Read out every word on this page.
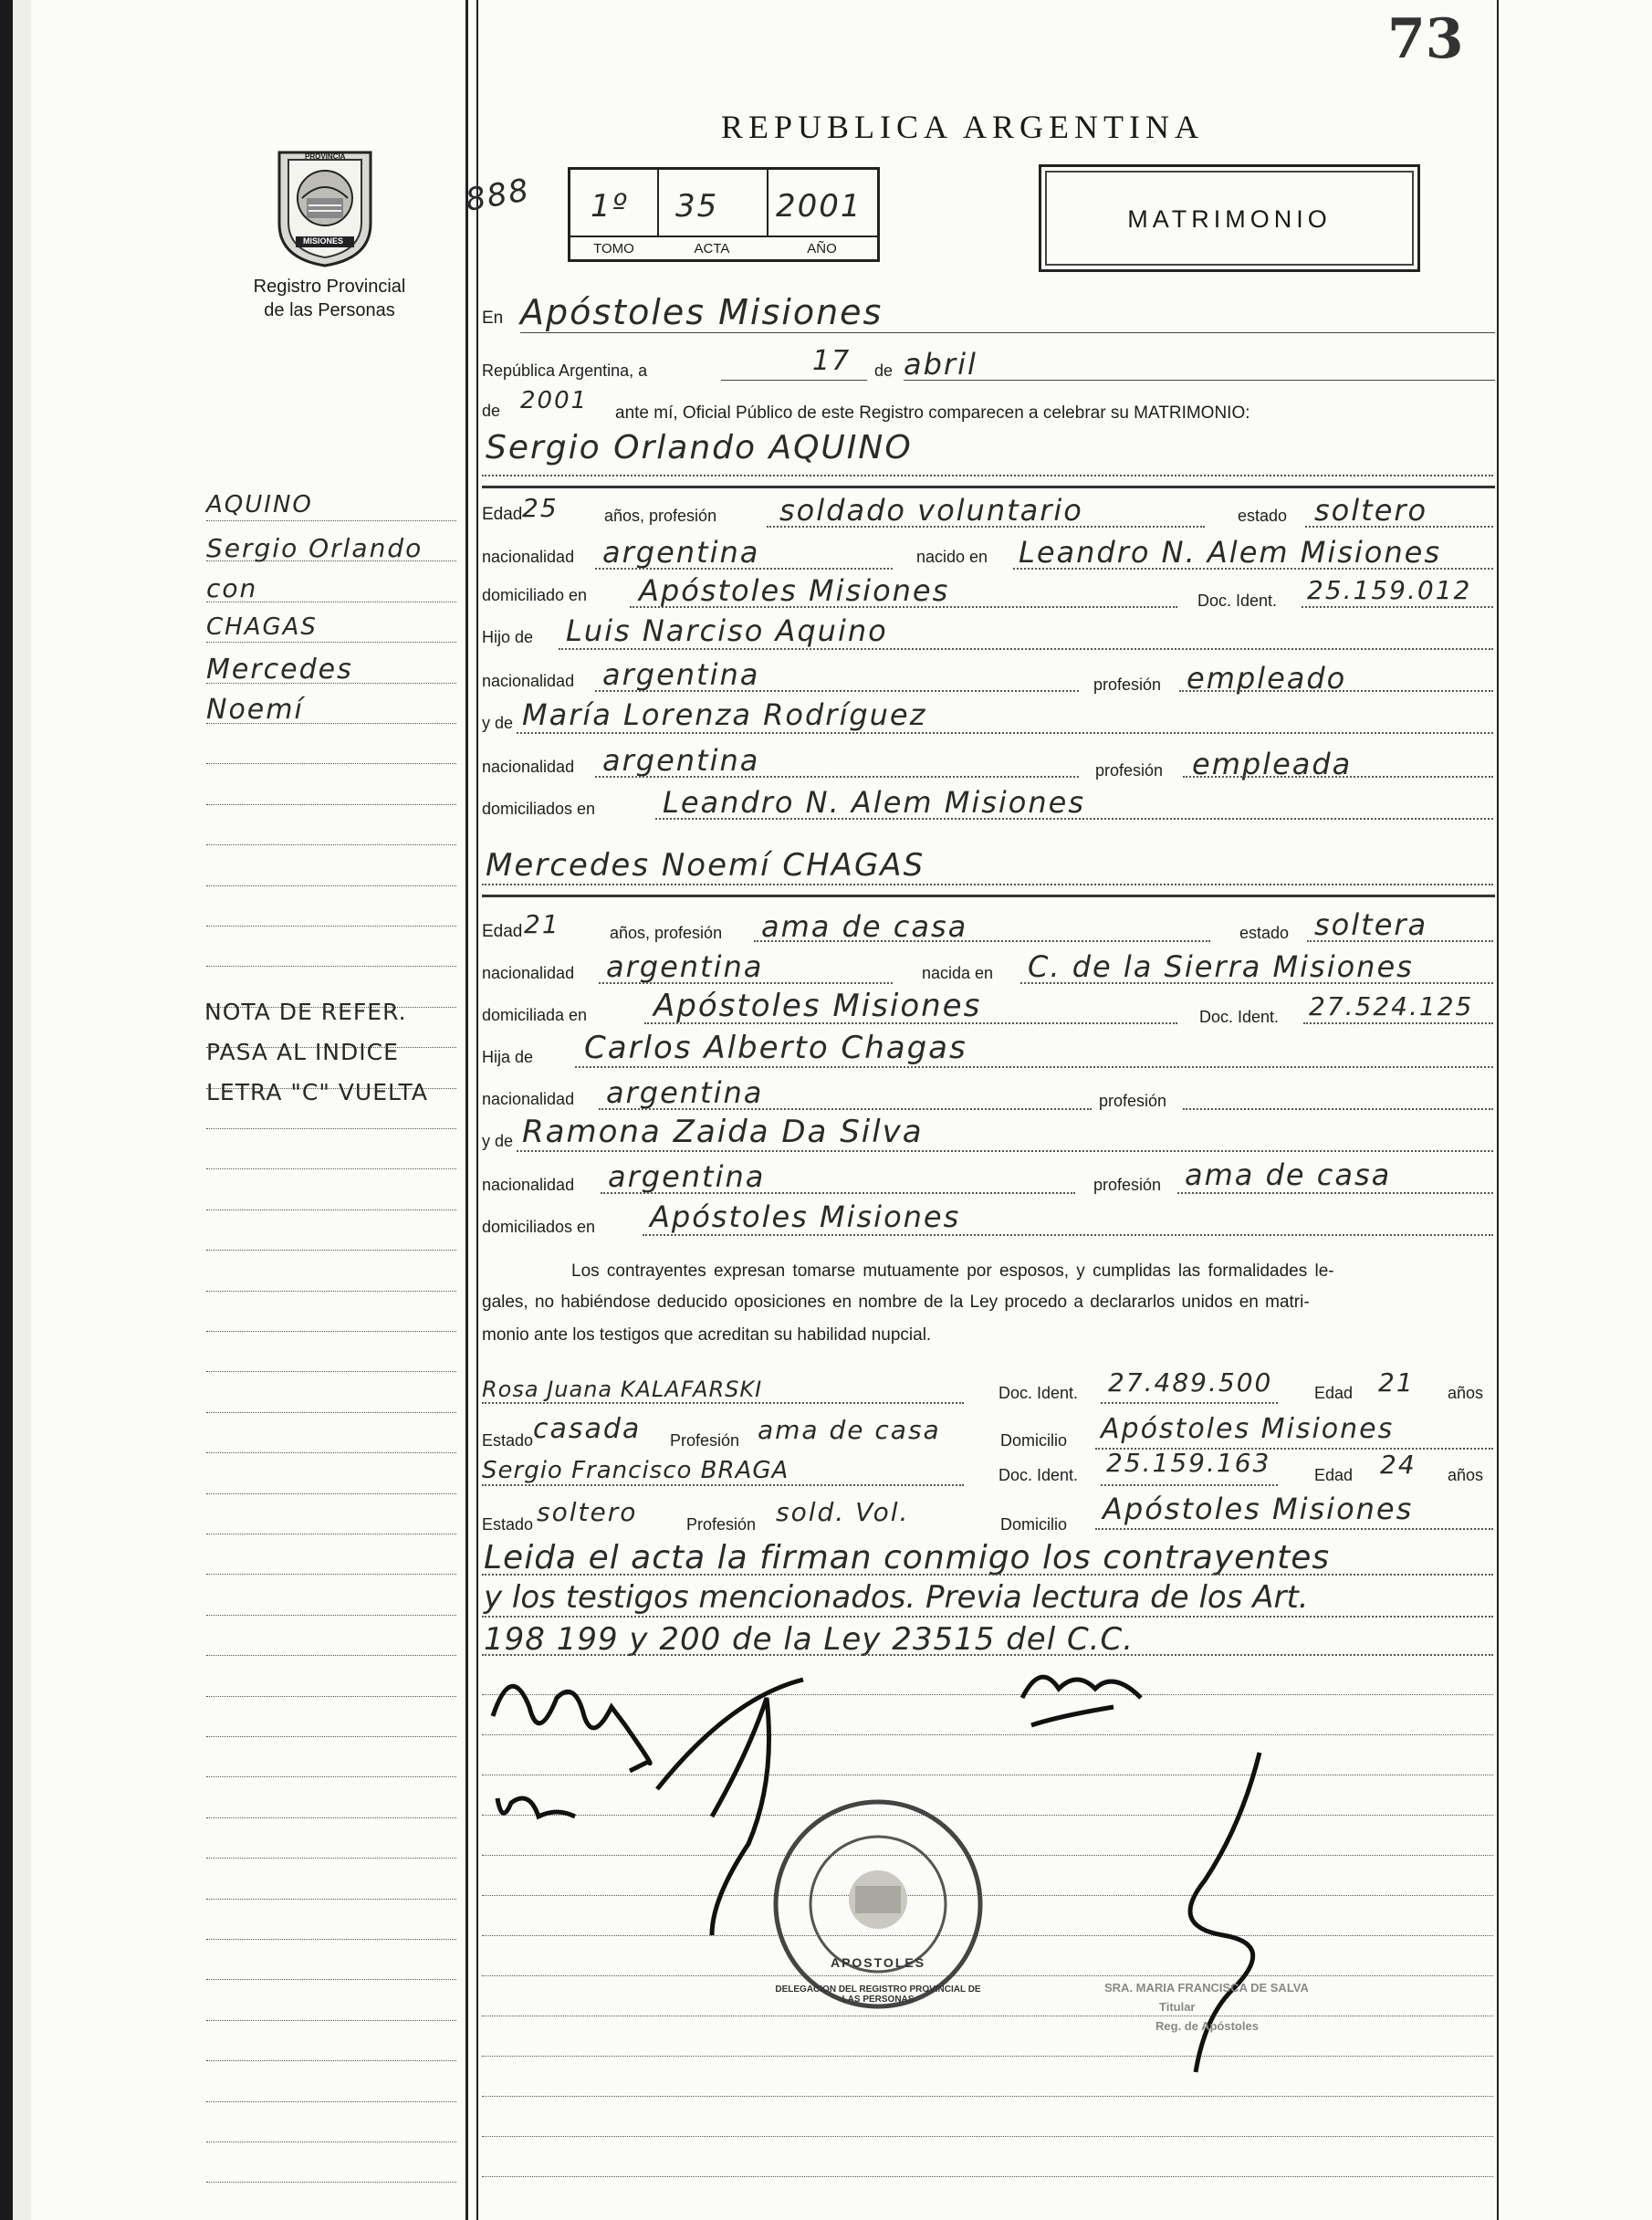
73
REPUBLICA ARGENTINA
PROVINCIA
MISIONES
Registro Provincial
de las Personas
888 1º 35 2001
TOMO	ACTA	AÑO
MATRIMONIO
AQUINO
Sergio Orlando
con
CHAGAS
Mercedes
Noemí
NOTA DE REFER.
PASA AL INDICE
LETRA "C" VUELTA
En Apóstoles Misiones
República Argentina, a	17 de abril
de 2001 ante mí, Oficial Público de este Registro comparecen a celebrar su MATRIMONIO:
Sergio Orlando AQUINO
Edad 25	años, profesión soldado voluntario	estado soltero
nacionalidad argentina	nacido en Leandro N. Alem Misiones
domiciliado en Apóstoles Misiones	Doc. Ident. 25.159.012
Hijo de Luis Narciso Aquino
nacionalidad argentina	profesión empleado
y de María Lorenza Rodríguez
nacionalidad argentina	profesión empleada
domiciliados en Leandro N. Alem Misiones
Mercedes Noemí CHAGAS
Edad 21	años, profesión ama de casa	estado soltera
nacionalidad argentina	nacida en C. de la Sierra Misiones
domiciliada en Apóstoles Misiones	Doc. Ident. 27.524.125
Hija de Carlos Alberto Chagas
nacionalidad argentina	profesión
y de Ramona Zaida Da Silva
nacionalidad argentina	profesión ama de casa
domiciliados en Apóstoles Misiones
Los contrayentes expresan tomarse mutuamente por esposos, y cumplidas las formalidades le-
gales, no habiéndose deducido oposiciones en nombre de la Ley procedo a declararlos unidos en matri-
monio ante los testigos que acreditan su habilidad nupcial.
Rosa Juana KALAFARSKI	Doc. Ident. 27.489.500	Edad 21 años
Estado casada Profesión ama de casa	Domicilio Apóstoles Misiones
Sergio Francisco BRAGA	Doc. Ident. 25.159.163	Edad 24 años
Estado soltero	Profesión sold. Vol.	Domicilio Apóstoles Misiones
Leida el acta la firman conmigo los contrayentes
y los testigos mencionados. Previa lectura de los Art.
198 199 y 200 de la Ley 23515 del C.C.
DELEGACION DEL REGISTRO PROVINCIAL DE LAS PERSONAS
APOSTOLES
SRA. MARIA FRANCISCA DE SALVA
Titular
Reg. de Apóstoles
